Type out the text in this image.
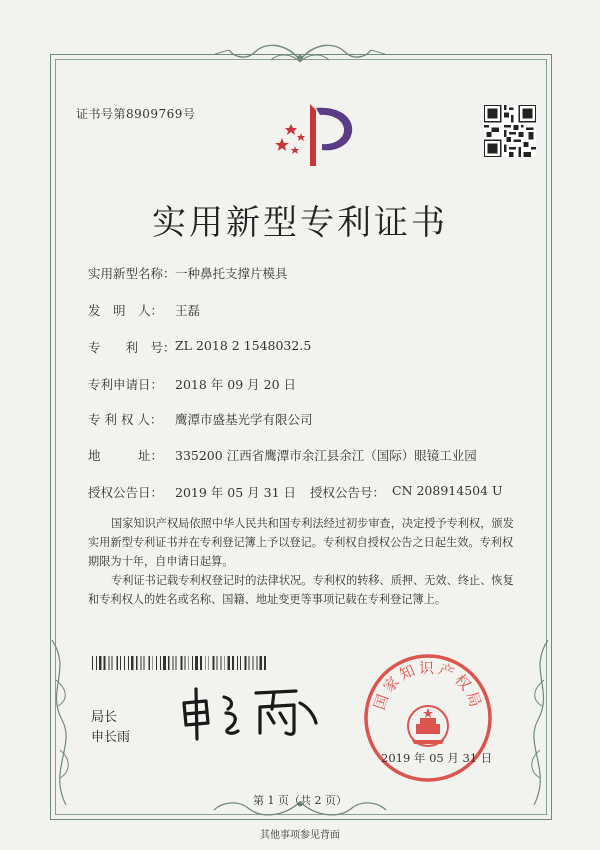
证书号第8909769号
实用新型专利证书
实用新型名称： 一种鼻托支撑片模具
发　明　人： 王磊
专　　利　号： ZL 2018 2 1548032.5
专利申请日： 2018 年 09 月 20 日
专 利 权 人： 鹰潭市盛基光学有限公司
地　　　址： 335200 江西省鹰潭市余江县余江（国际）眼镜工业园
授权公告日： 2019 年 05 月 31 日 授权公告号： CN 208914504 U
国家知识产权局依照中华人民共和国专利法经过初步审查，决定授予专利权，颁发实用新型专利证书并在专利登记簿上予以登记。专利权自授权公告之日起生效。专利权期限为十年，自申请日起算。
专利证书记载专利权登记时的法律状况。专利权的转移、质押、无效、终止、恢复和专利权人的姓名或名称、国籍、地址变更等事项记载在专利登记簿上。
局长
申长雨
国家知识产权局
2019 年 05 月 31 日
第 1 页（共 2 页）
其他事项参见背面
